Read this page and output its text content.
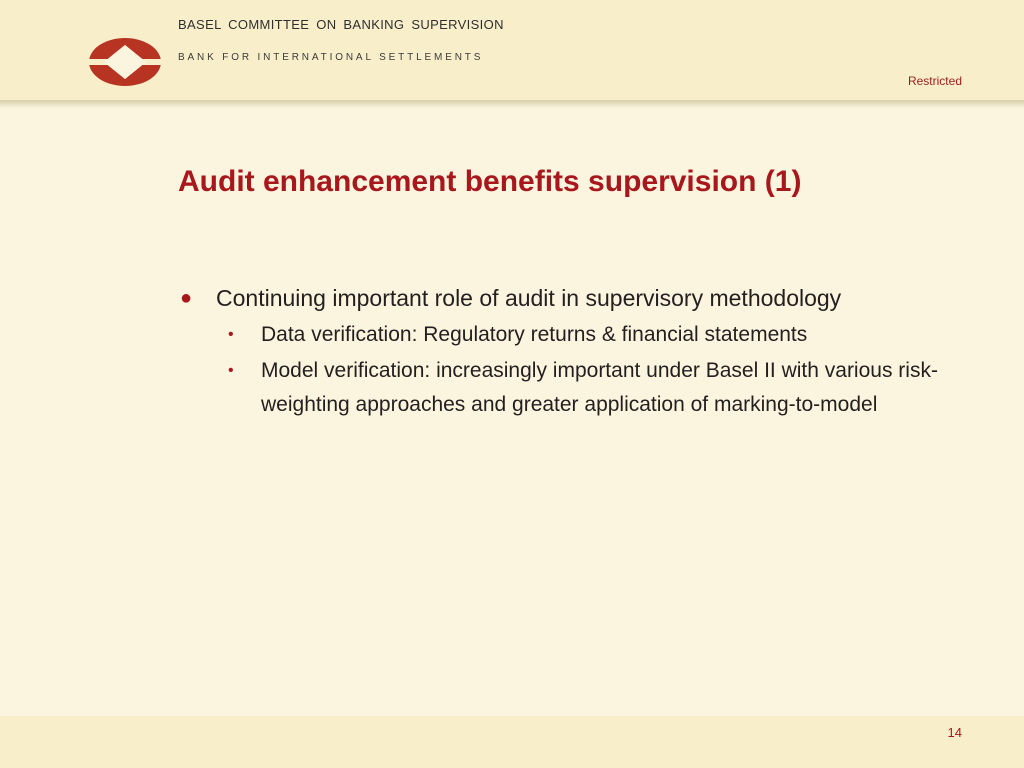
BASEL COMMITTEE ON BANKING SUPERVISION

BANK FOR INTERNATIONAL SETTLEMENTS

Restricted

Audit enhancement benefits supervision (1)
●	Continuing important role of audit in supervisory methodology
•	Data verification: Regulatory returns & financial statements
•	Model verification: increasingly important under Basel II with various risk-weighting approaches and greater application of marking-to-model

14
